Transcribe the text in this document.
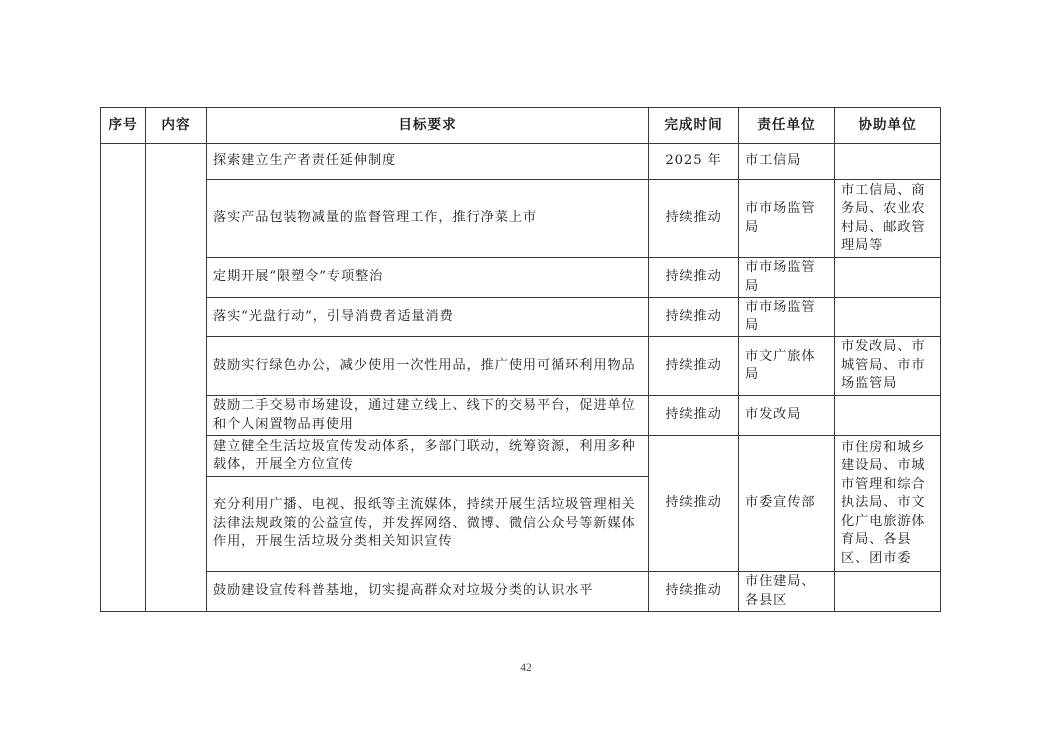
序号	内容	目标要求	完成时间	责任单位	协助单位
		探索建立生产者责任延伸制度	2025 年	市工信局	
		落实产品包装物减量的监督管理工作，推行净菜上市	持续推动	市市场监管局	市工信局、商务局、农业农村局、邮政管理局等
		定期开展“限塑令”专项整治	持续推动	市市场监管局	
		落实“光盘行动”，引导消费者适量消费	持续推动	市市场监管局	
		鼓励实行绿色办公，减少使用一次性用品，推广使用可循环利用物品	持续推动	市文广旅体局	市发改局、市城管局、市市场监管局
		鼓励二手交易市场建设，通过建立线上、线下的交易平台，促进单位和个人闲置物品再使用	持续推动	市发改局	
		建立健全生活垃圾宣传发动体系，多部门联动，统筹资源，利用多种载体，开展全方位宣传	持续推动	市委宣传部	市住房和城乡建设局、市城市管理和综合执法局、市文化广电旅游体育局、各县区、团市委
		充分利用广播、电视、报纸等主流媒体，持续开展生活垃圾管理相关法律法规政策的公益宣传，并发挥网络、微博、微信公众号等新媒体作用，开展生活垃圾分类相关知识宣传			
		鼓励建设宣传科普基地，切实提高群众对垃圾分类的认识水平	持续推动	市住建局、各县区	
42
